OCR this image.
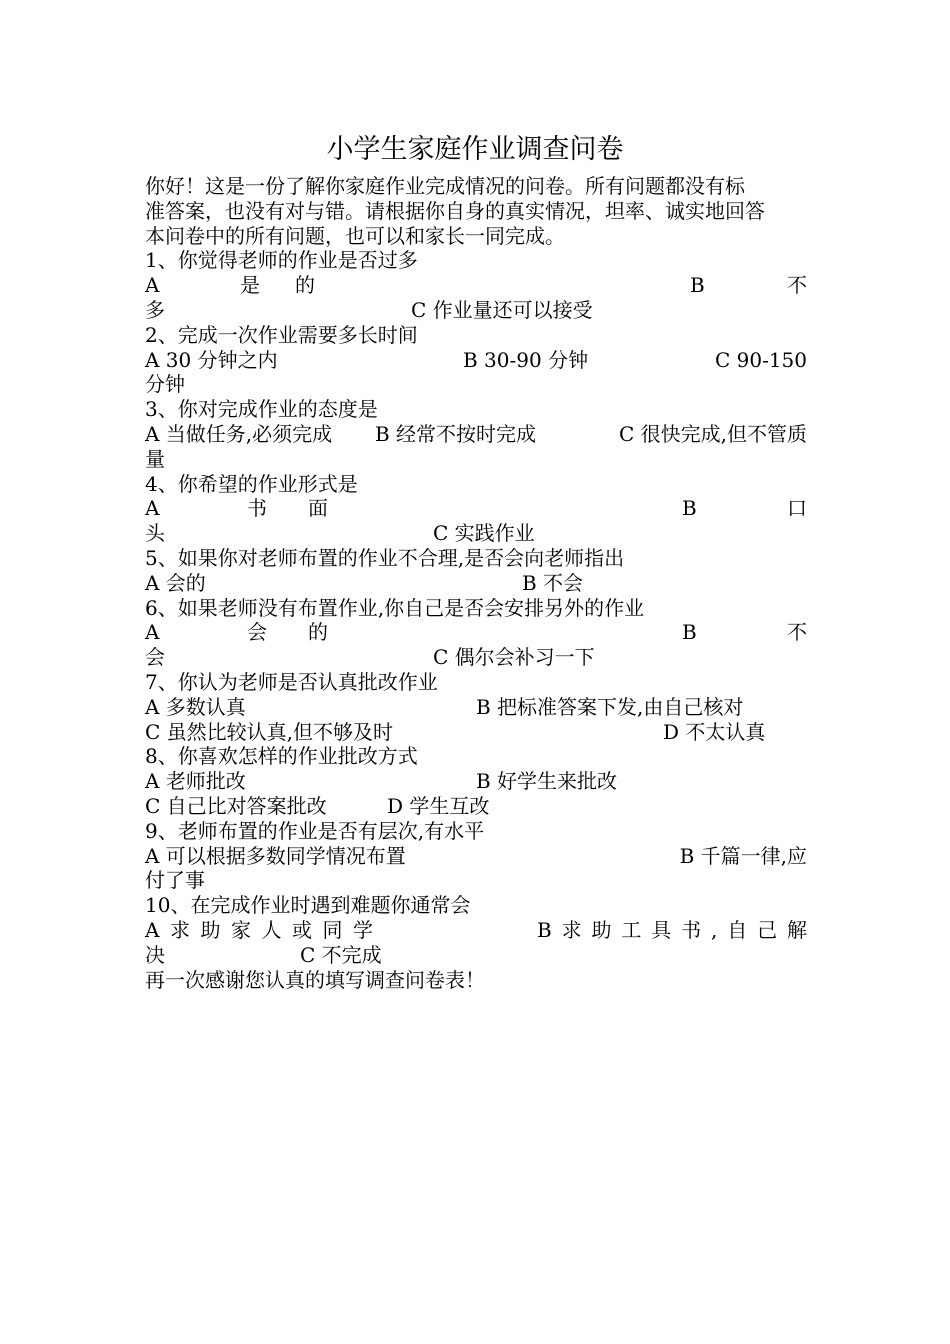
小学生家庭作业调查问卷
你好！这是一份了解你家庭作业完成情况的问卷。所有问题都没有标
准答案，也没有对与错。请根据你自身的真实情况，坦率、诚实地回答
本问卷中的所有问题，也可以和家长一同完成。
1、你觉得老师的作业是否过多
A	是 的	B	不
多	C 作业量还可以接受
2、完成一次作业需要多长时间
A 30 分钟之内	B 30-90 分钟	C 90-150
分钟
3、你对完成作业的态度是
A 当做任务,必须完成 B 经常不按时完成	C 很快完成,但不管质
量
4、你希望的作业形式是
A	书 面	B	口
头	C 实践作业
5、如果你对老师布置的作业不合理,是否会向老师指出
A 会的	B 不会
6、如果老师没有布置作业,你自己是否会安排另外的作业
A	会 的	B	不
会	C 偶尔会补习一下
7、你认为老师是否认真批改作业
A 多数认真	B 把标准答案下发,由自己核对
C 虽然比较认真,但不够及时	D 不太认真
8、你喜欢怎样的作业批改方式
A 老师批改	B 好学生来批改
C 自己比对答案批改	D 学生互改
9、老师布置的作业是否有层次,有水平
A 可以根据多数同学情况布置	B 千篇一律,应
付了事
10、在完成作业时遇到难题你通常会
A 求 助 家 人 或 同 学	B 求 助 工 具 书 , 自 己 解
决	C 不完成
再一次感谢您认真的填写调查问卷表！
